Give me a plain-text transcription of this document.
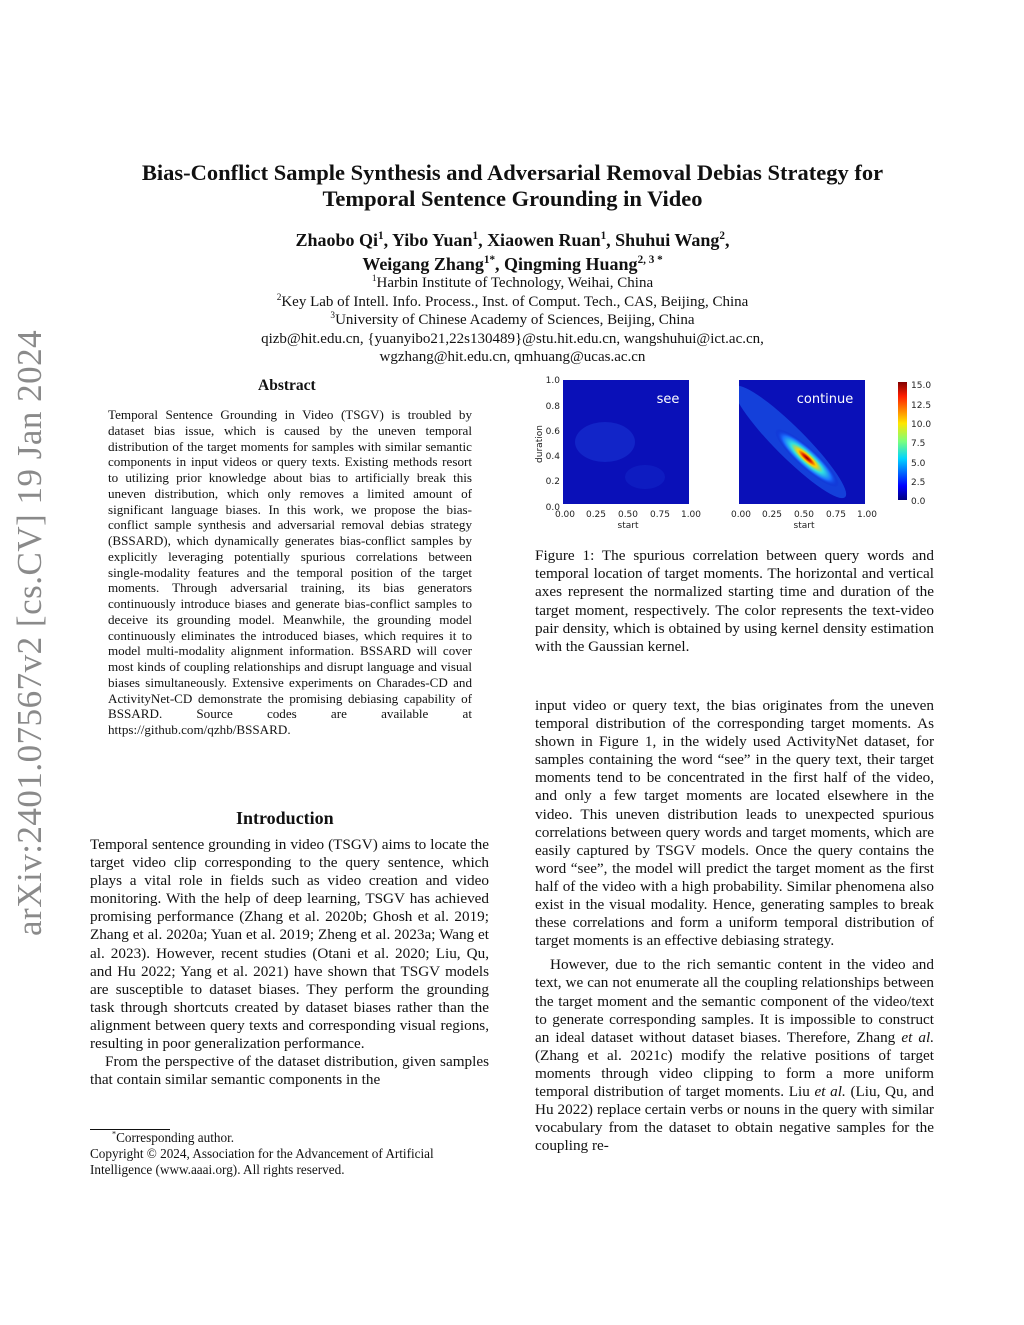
arXiv:2401.07567v2 [cs.CV] 19 Jan 2024
Bias-Conflict Sample Synthesis and Adversarial Removal Debias Strategy for
Temporal Sentence Grounding in Video
Zhaobo Qi$^1$, Yibo Yuan$^1$, Xiaowen Ruan$^1$, Shuhui Wang$^2$,
Weigang Zhang$^{1*}$, Qingming Huang$^{2, 3 *}$
$^1$Harbin Institute of Technology, Weihai, China
$^2$Key Lab of Intell. Info. Process., Inst. of Comput. Tech., CAS, Beijing, China
$^3$University of Chinese Academy of Sciences, Beijing, China
qizb@hit.edu.cn, {yuanyibo21,22s130489}@stu.hit.edu.cn, wangshuhui@ict.ac.cn,
wgzhang@hit.edu.cn, qmhuang@ucas.ac.cn
Abstract
Temporal Sentence Grounding in Video (TSGV) is troubled by dataset bias issue, which is caused by the uneven temporal distribution of the target moments for samples with similar semantic components in input videos or query texts. Existing methods resort to utilizing prior knowledge about bias to artificially break this uneven distribution, which only removes a limited amount of significant language biases. In this work, we propose the bias-conflict sample synthesis and adversarial removal debias strategy (BSSARD), which dynamically generates bias-conflict samples by explicitly leveraging potentially spurious correlations between single-modality features and the temporal position of the target moments. Through adversarial training, its bias generators continuously introduce biases and generate bias-conflict samples to deceive its grounding model. Meanwhile, the grounding model continuously eliminates the introduced biases, which requires it to model multi-modality alignment information. BSSARD will cover most kinds of coupling relationships and disrupt language and visual biases simultaneously. Extensive experiments on Charades-CD and ActivityNet-CD demonstrate the promising debiasing capability of BSSARD. Source codes are available at https://github.com/qzhb/BSSARD.
Introduction

Temporal sentence grounding in video (TSGV) aims to locate the target video clip corresponding to the query sentence, which plays a vital role in fields such as video creation and video monitoring. With the help of deep learning, TSGV has achieved promising performance (Zhang et al. 2020b; Ghosh et al. 2019; Zhang et al. 2020a; Yuan et al. 2019; Zheng et al. 2023a; Wang et al. 2023). However, recent studies (Otani et al. 2020; Liu, Qu, and Hu 2022; Yang et al. 2021) have shown that TSGV models are susceptible to dataset biases. They perform the grounding task through shortcuts created by dataset biases rather than the alignment between query texts and corresponding visual regions, resulting in poor generalization performance.

From the perspective of the dataset distribution, given samples that contain similar semantic components in the

*Corresponding author.
Copyright © 2024, Association for the Advancement of Artificial Intelligence (www.aaai.org). All rights reserved.
see	continue
1.0
0.8
0.6
0.4
0.2
0.0
duration
0.00 0.25 0.50 0.75 1.00
start
0.00 0.25 0.50 0.75 1.00
start
15.0
12.5
10.0
7.5
5.0
2.5
0.0
Figure 1: The spurious correlation between query words and temporal location of target moments. The horizontal and vertical axes represent the normalized starting time and duration of the target moment, respectively. The color represents the text-video pair density, which is obtained by using kernel density estimation with the Gaussian kernel.

input video or query text, the bias originates from the uneven temporal distribution of the corresponding target moments. As shown in Figure 1, in the widely used ActivityNet dataset, for samples containing the word “see” in the query text, their target moments tend to be concentrated in the first half of the video, and only a few target moments are located elsewhere in the video. This uneven distribution leads to unexpected spurious correlations between query words and target moments, which are easily captured by TSGV models. Once the query contains the word “see”, the model will predict the target moment as the first half of the video with a high probability. Similar phenomena also exist in the visual modality. Hence, generating samples to break these correlations and form a uniform temporal distribution of target moments is an effective debiasing strategy.

However, due to the rich semantic content in the video and text, we can not enumerate all the coupling relationships between the target moment and the semantic component of the video/text to generate corresponding samples. It is impossible to construct an ideal dataset without dataset biases. Therefore, Zhang et al. (Zhang et al. 2021c) modify the relative positions of target moments through video clipping to form a more uniform temporal distribution of target moments. Liu et al. (Liu, Qu, and Hu 2022) replace certain verbs or nouns in the query with similar vocabulary from the dataset to obtain negative samples for the coupling re-
